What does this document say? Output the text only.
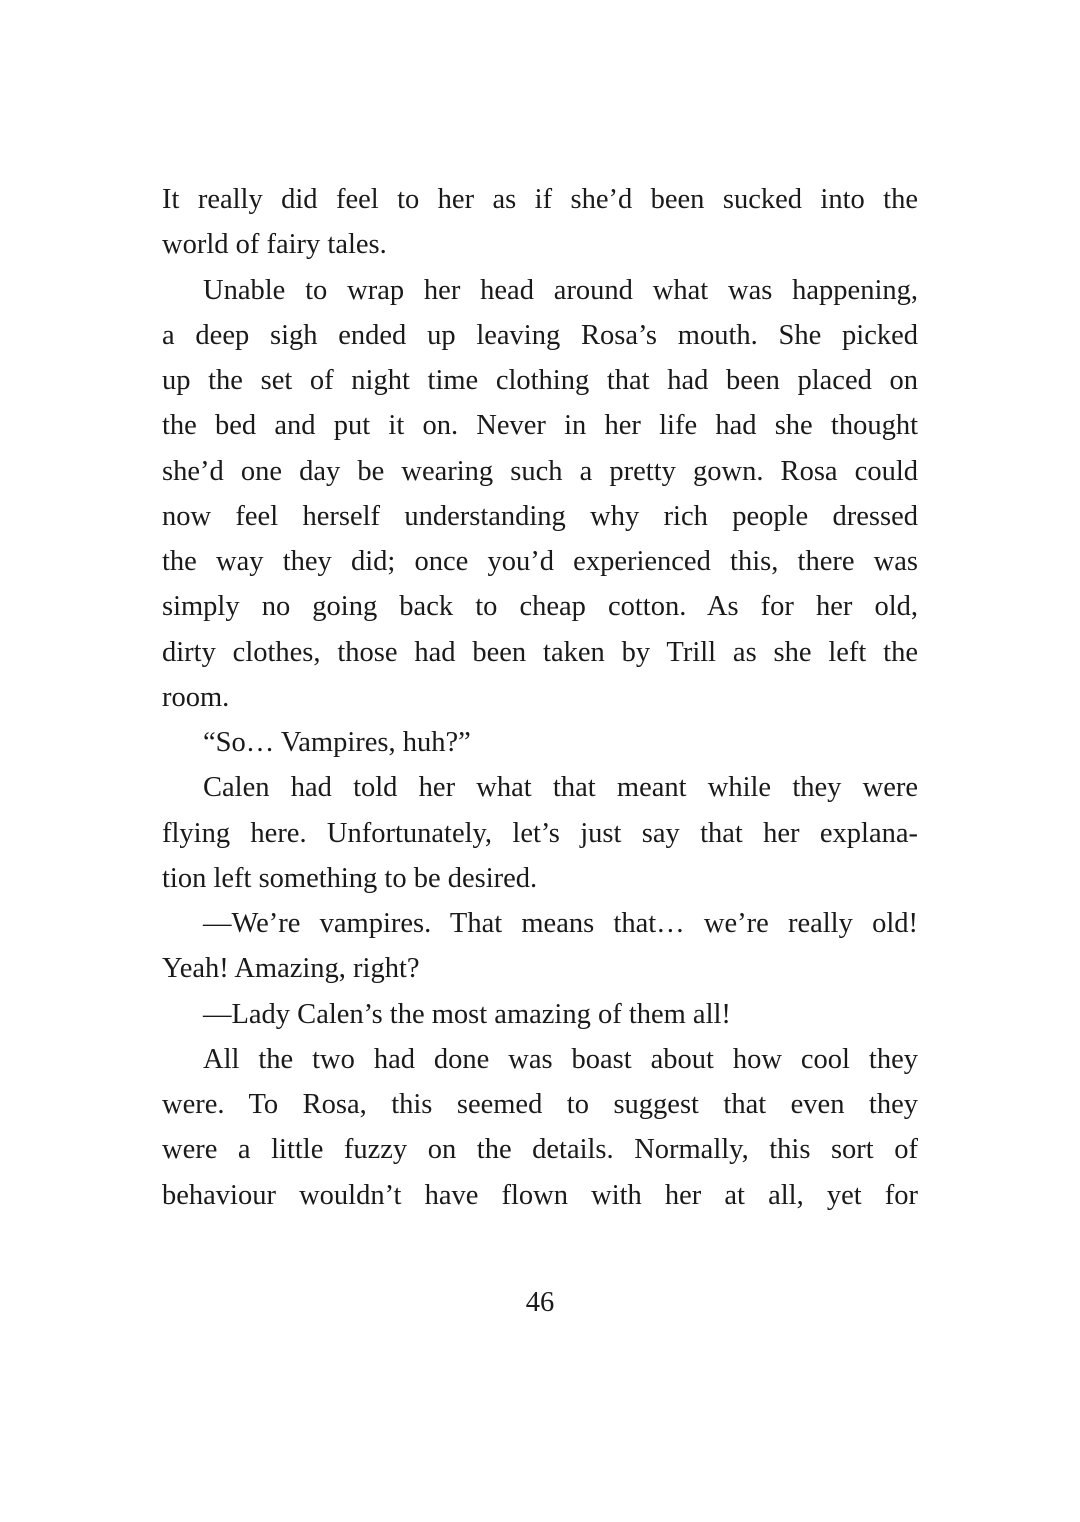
It really did feel to her as if she’d been sucked into the
world of fairy tales.
Unable to wrap her head around what was happening,
a deep sigh ended up leaving Rosa’s mouth. She picked
up the set of night time clothing that had been placed on
the bed and put it on. Never in her life had she thought
she’d one day be wearing such a pretty gown. Rosa could
now feel herself understanding why rich people dressed
the way they did; once you’d experienced this, there was
simply no going back to cheap cotton. As for her old,
dirty clothes, those had been taken by Trill as she left the
room.
“So… Vampires, huh?”
Calen had told her what that meant while they were
flying here. Unfortunately, let’s just say that her explana-
tion left something to be desired.
—We’re vampires. That means that… we’re really old!
Yeah! Amazing, right?
—Lady Calen’s the most amazing of them all!
All the two had done was boast about how cool they
were. To Rosa, this seemed to suggest that even they
were a little fuzzy on the details. Normally, this sort of
behaviour wouldn’t have flown with her at all, yet for
46
